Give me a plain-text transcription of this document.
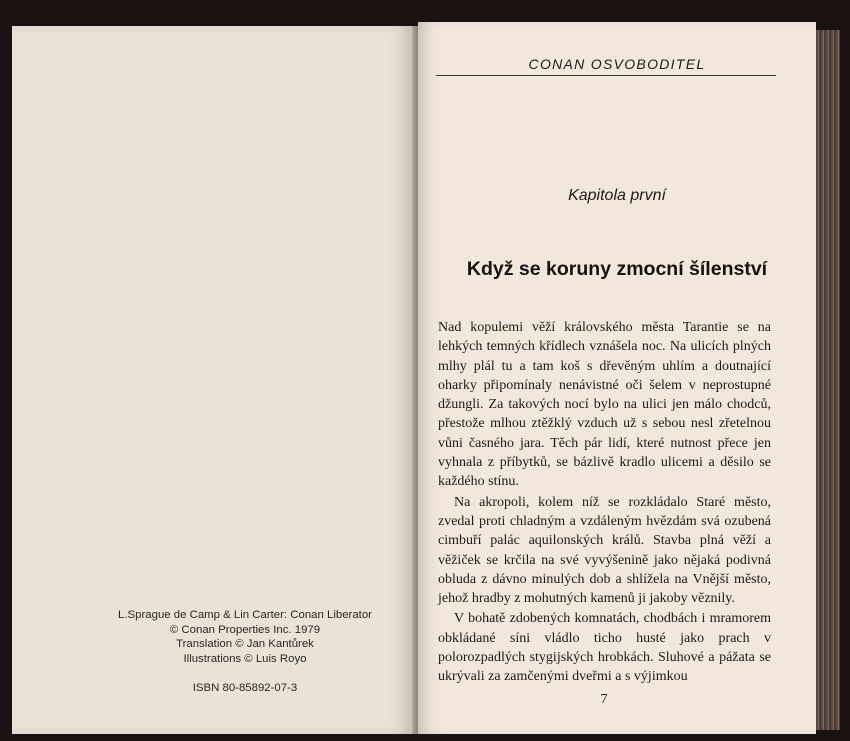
L.Sprague de Camp & Lin Carter: Conan Liberator
© Conan Properties Inc. 1979
Translation © Jan Kantůrek
Illustrations © Luis Royo
ISBN 80-85892-07-3
CONAN OSVOBODITEL
Kapitola první
Když se koruny zmocní šílenství

Nad kopulemi věží královského města Tarantie se na lehkých temných křídlech vznášela noc. Na ulicích plných mlhy plál tu a tam koš s dřevěným uhlím a doutnající oharky připomínaly nenávistné oči šelem v neprostupné džungli. Za takových nocí bylo na ulici jen málo chodců, přestože mlhou ztěžklý vzduch už s sebou nesl zřetelnou vůni časného jara. Těch pár lidí, které nutnost přece jen vyhnala z příbytků, se bázlivě kradlo ulicemi a děsilo se každého stínu.

Na akropoli, kolem níž se rozkládalo Staré město, zvedal proti chladným a vzdáleným hvězdám svá ozubená cimbuří palác aquilonských králů. Stavba plná věží a věžiček se krčila na své vyvýšenině jako nějaká podivná obluda z dávno minulých dob a shlížela na Vnější město, jehož hradby z mohutných kamenů ji jakoby věznily.

V bohatě zdobených komnatách, chodbách i mramorem obkládané síni vládlo ticho husté jako prach v polorozpadlých stygijských hrobkách. Sluhové a pážata se ukrývali za zamčenými dveřmi a s výjimkou

7
